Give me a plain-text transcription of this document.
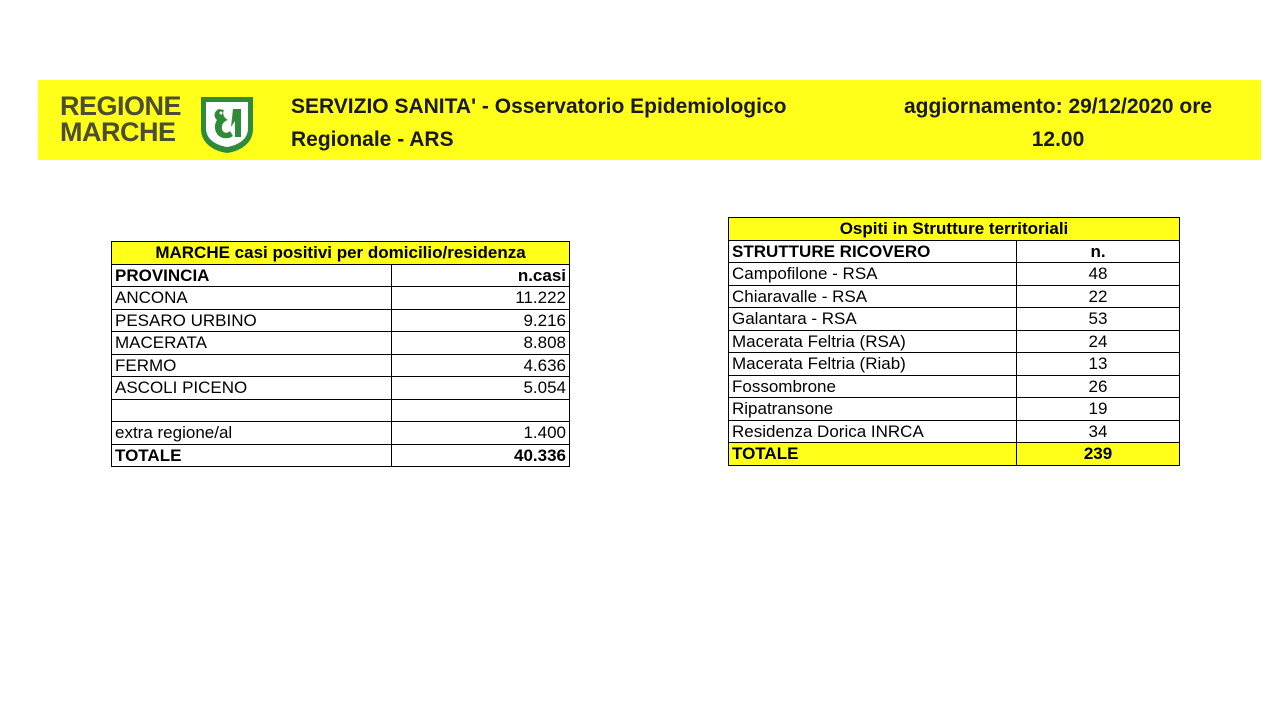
REGIONE
MARCHE
SERVIZIO SANITA' - Osservatorio Epidemiologico
Regionale - ARS
aggiornamento: 29/12/2020 ore
12.00
MARCHE casi positivi per domicilio/residenza	
PROVINCIA	n.casi
ANCONA	11.222
PESARO URBINO	9.216
MACERATA	8.808
FERMO	4.636
ASCOLI PICENO	5.054

extra regione/al	1.400
TOTALE	40.336
Ospiti in Strutture territoriali	
STRUTTURE RICOVERO	n.
Campofilone - RSA	48
Chiaravalle - RSA	22
Galantara - RSA	53
Macerata Feltria (RSA)	24
Macerata Feltria (Riab)	13
Fossombrone	26
Ripatransone	19
Residenza Dorica INRCA	34
TOTALE	239
